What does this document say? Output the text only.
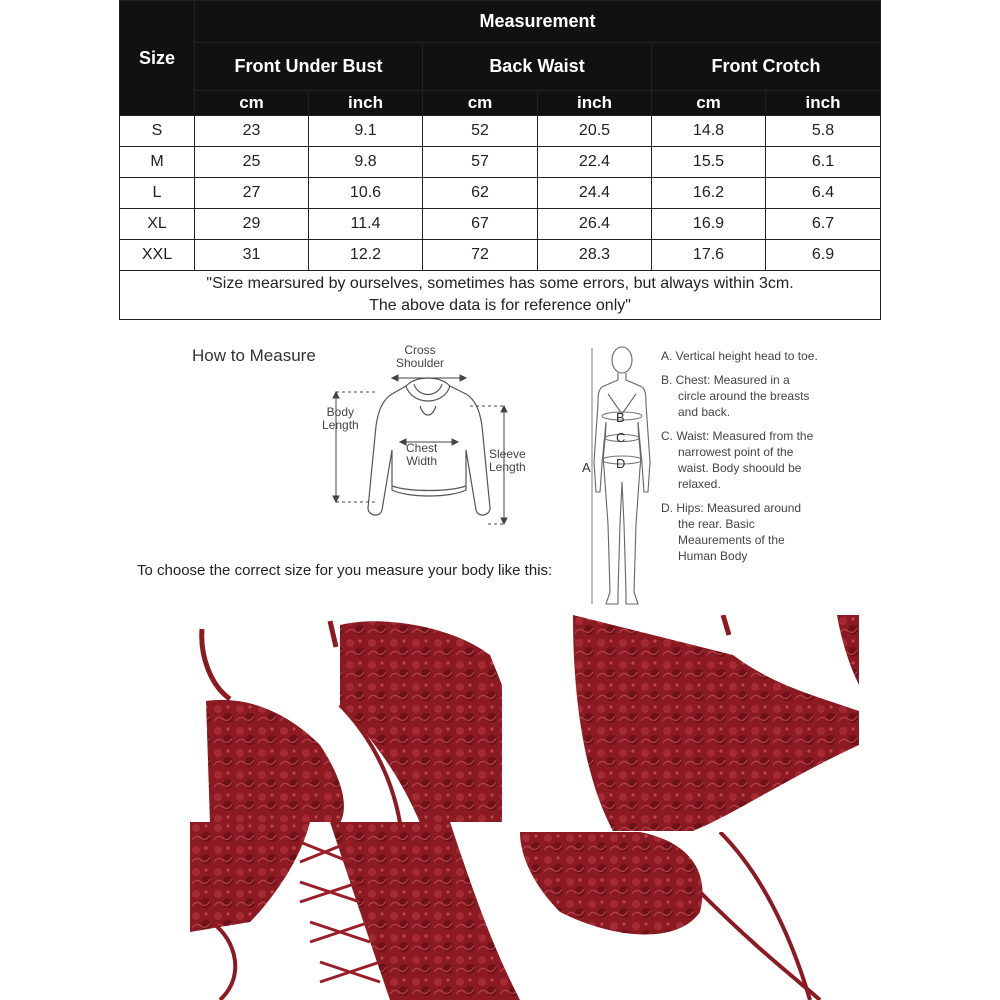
Size	Measurement					
	Front Under Bust		Back Waist		Front Crotch	
	cm	inch	cm	inch	cm	inch
S	23	9.1	52	20.5	14.8	5.8
M	25	9.8	57	22.4	15.5	6.1
L	27	10.6	62	24.4	16.2	6.4
XL	29	11.4	67	26.4	16.9	6.7
XXL	31	12.2	72	28.3	17.6	6.9

"Size mearsured by ourselves, sometimes has some errors, but always within 3cm.
The above data is for reference only"						
How to Measure	Cross
Shoulder
Body
Length
Chest
Width	Sleeve
Length
To choose the correct size for you measure your body like this:
B
C
D
A
A. Vertical height head to toe.
B. Chest: Measured in a circle around the breasts and back.
C. Waist: Measured from the narrowest point of the waist. Body shoould be relaxed.
D. Hips: Measured around the rear. Basic Meaurements of the Human Body
